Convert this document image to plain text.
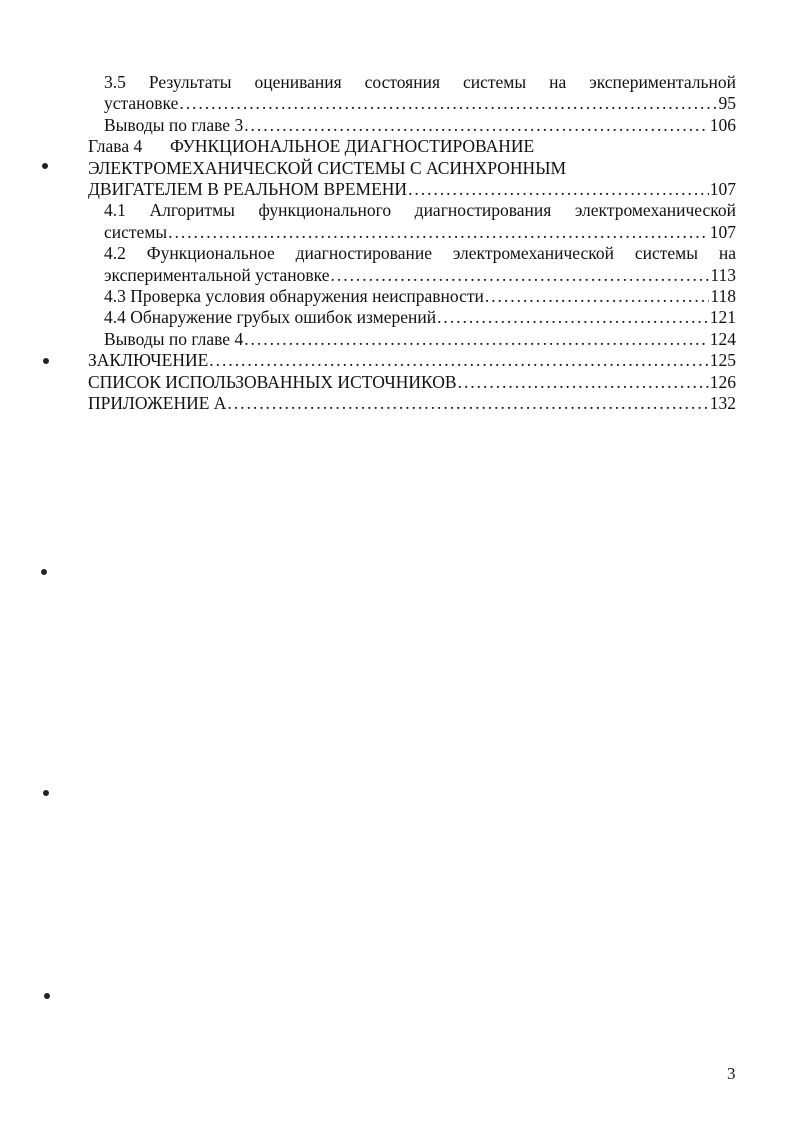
3.5 Результаты оценивания состояния системы на экспериментальной
установке . . .	95
Выводы по главе 3 . . .	106
Глава 4 ФУНКЦИОНАЛЬНОЕ ДИАГНОСТИРОВАНИЕ
ЭЛЕКТРОМЕХАНИЧЕСКОЙ СИСТЕМЫ С АСИНХРОННЫМ
ДВИГАТЕЛЕМ В РЕАЛЬНОМ ВРЕМЕНИ . . .	107
4.1 Алгоритмы функционального диагностирования электромеханической
системы . . .	107
4.2 Функциональное диагностирование электромеханической системы на
экспериментальной установке . . .	113
4.3 Проверка условия обнаружения неисправности . . .	118
4.4 Обнаружение грубых ошибок измерений . . .	121
Выводы по главе 4 . . .	124
ЗАКЛЮЧЕНИЕ . . .	125
СПИСОК ИСПОЛЬЗОВАННЫХ ИСТОЧНИКОВ . . .	126
ПРИЛОЖЕНИЕ А . . .	132
3
